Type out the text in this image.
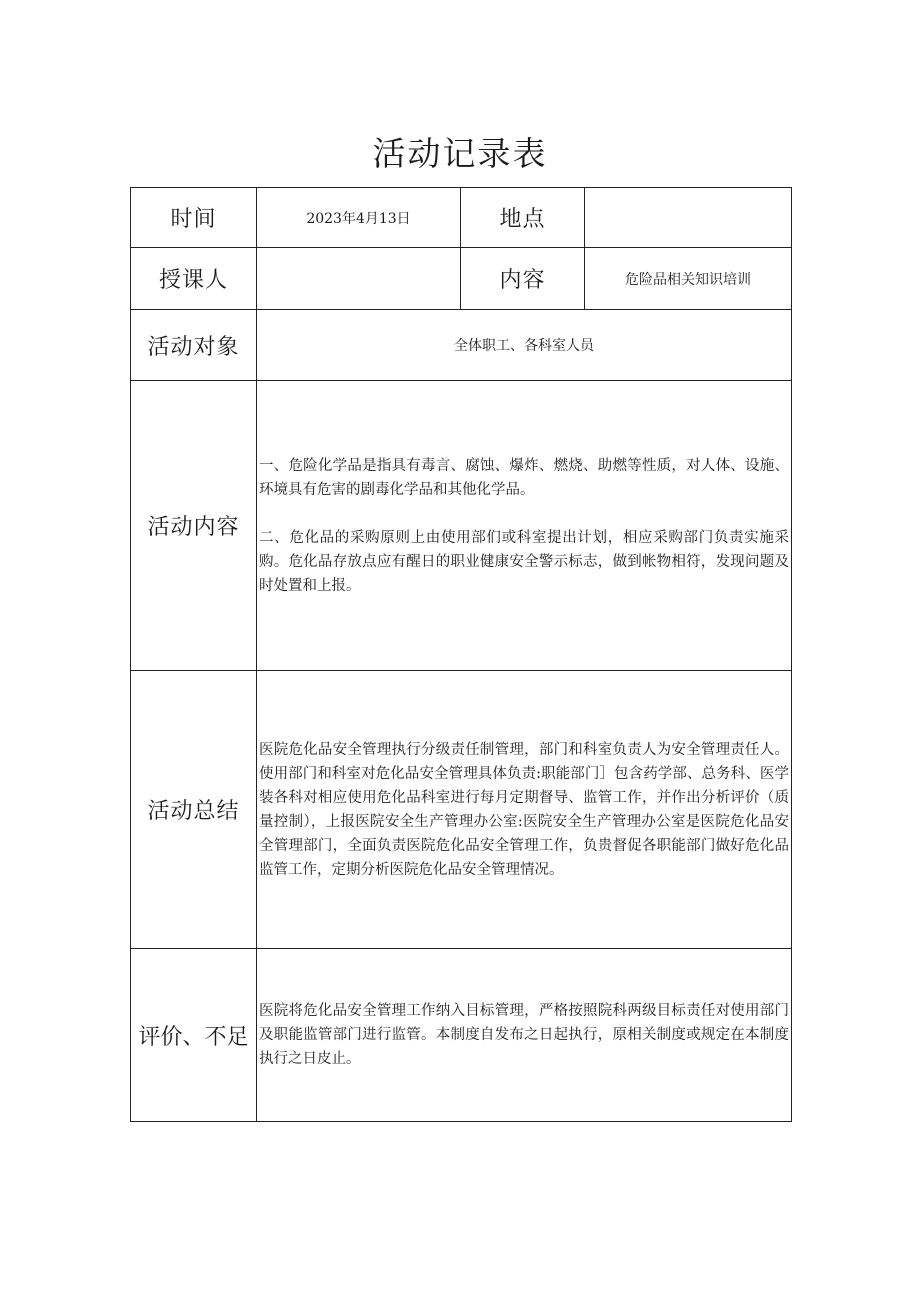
活动记录表
时间	2023年4月13日	地点	
授课人		内容	危险品相关知识培训
活动对象	全体职工、各科室人员		
活动内容	一、危险化学品是指具有毒言、腐蚀、爆炸、燃烧、助燃等性质，对人体、设施、环境具有危害的剧毒化学品和其他化学品。

二、危化品的采购原则上由使用部们或科室提出计划，相应采购部门负责实施采购。危化品存放点应有醒日的职业健康安全警示标志，做到帐物相符，发现问题及时处置和上报。		

活动总结	医院危化品安全管理执行分级责任制管理，部门和科室负责人为安全管理责任人。使用部门和科室对危化品安全管理具体负责:职能部门］包含药学部、总务科、医学装各科对相应使用危化品科室进行每月定期督导、监管工作，并作出分析评价（质量控制），上报医院安全生产管理办公室:医院安全生产管理办公室是医院危化品安全管理部门，全面负责医院危化品安全管理工作，负贵督促各职能部门做好危化品监管工作，定期分析医院危化品安全管理情况。		

评价、不足	医院将危化品安全管理工作纳入目标管理，严格按照院科两级目标责任对使用部门及职能监管部门进行监管。本制度自发布之日起执行，原相关制度或规定在本制度执行之日皮止。		
